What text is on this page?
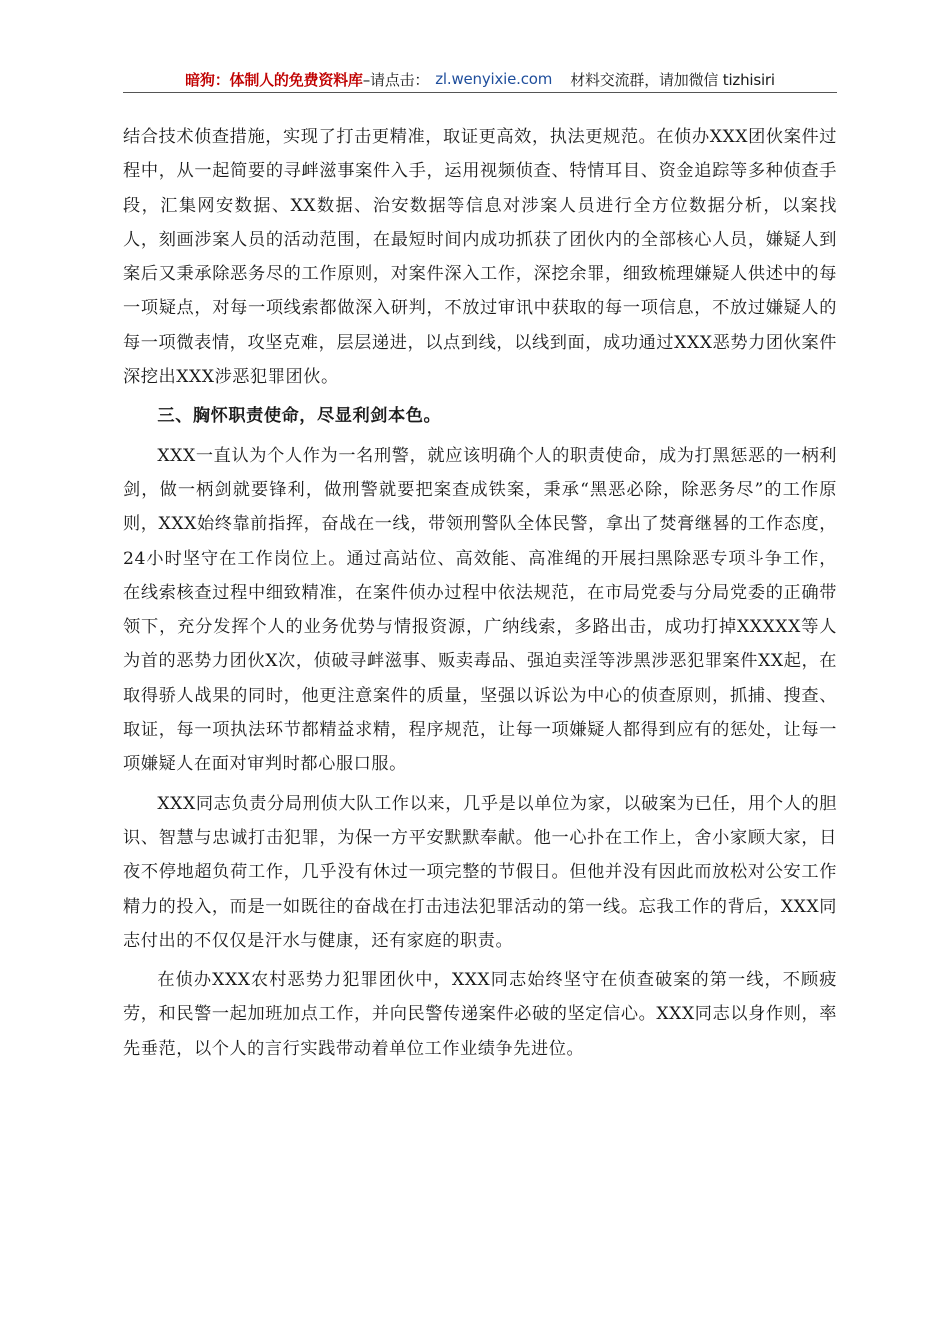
暗狗：体制人的免费资料库 –请点击： zl.wenyixie.com 材料交流群，请加微信 tizhisiri

结合技术侦查措施，实现了打击更精准，取证更高效，执法更规范。在侦办XXX团伙案件过程中，从一起简要的寻衅滋事案件入手，运用视频侦查、特情耳目、资金追踪等多种侦查手段，汇集网安数据、XX数据、治安数据等信息对涉案人员进行全方位数据分析，以案找人，刻画涉案人员的活动范围，在最短时间内成功抓获了团伙内的全部核心人员，嫌疑人到案后又秉承除恶务尽的工作原则，对案件深入工作，深挖余罪，细致梳理嫌疑人供述中的每一项疑点，对每一项线索都做深入研判，不放过审讯中获取的每一项信息，不放过嫌疑人的每一项微表情，攻坚克难，层层递进，以点到线，以线到面，成功通过XXX恶势力团伙案件深挖出XXX涉恶犯罪团伙。

三、胸怀职责使命，尽显利剑本色。

XXX一直认为个人作为一名刑警，就应该明确个人的职责使命，成为打黑惩恶的一柄利剑，做一柄剑就要锋利，做刑警就要把案查成铁案，秉承“黑恶必除，除恶务尽”的工作原则，XXX始终靠前指挥，奋战在一线，带领刑警队全体民警，拿出了焚膏继晷的工作态度，24小时坚守在工作岗位上。通过高站位、高效能、高准绳的开展扫黑除恶专项斗争工作，在线索核查过程中细致精准，在案件侦办过程中依法规范，在市局党委与分局党委的正确带领下，充分发挥个人的业务优势与情报资源，广纳线索，多路出击，成功打掉XXXXX等人为首的恶势力团伙X次，侦破寻衅滋事、贩卖毒品、强迫卖淫等涉黑涉恶犯罪案件XX起，在取得骄人战果的同时，他更注意案件的质量，坚强以诉讼为中心的侦查原则，抓捕、搜查、取证，每一项执法环节都精益求精，程序规范，让每一项嫌疑人都得到应有的惩处，让每一项嫌疑人在面对审判时都心服口服。

XXX同志负责分局刑侦大队工作以来，几乎是以单位为家，以破案为已任，用个人的胆识、智慧与忠诚打击犯罪，为保一方平安默默奉献。他一心扑在工作上，舍小家顾大家，日夜不停地超负荷工作，几乎没有休过一项完整的节假日。但他并没有因此而放松对公安工作精力的投入，而是一如既往的奋战在打击违法犯罪活动的第一线。忘我工作的背后，XXX同志付出的不仅仅是汗水与健康，还有家庭的职责。

在侦办XXX农村恶势力犯罪团伙中，XXX同志始终坚守在侦查破案的第一线，不顾疲劳，和民警一起加班加点工作，并向民警传递案件必破的坚定信心。XXX同志以身作则，率先垂范，以个人的言行实践带动着单位工作业绩争先进位。
